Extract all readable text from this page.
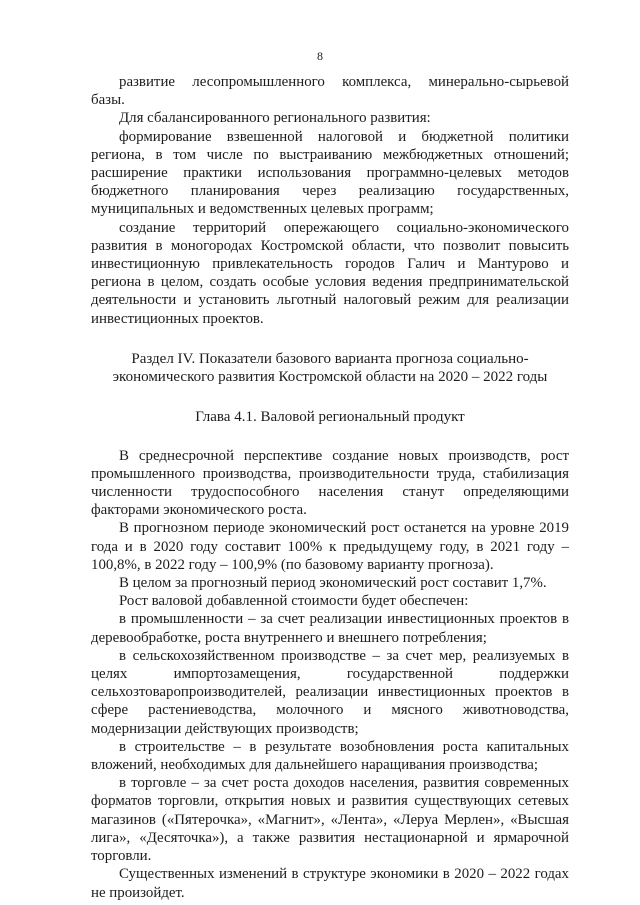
8

развитие лесопромышленного комплекса, минерально-сырьевой

базы.

Для сбалансированного регионального развития:

формирование взвешенной налоговой и бюджетной политики региона, в том числе по выстраиванию межбюджетных отношений; расширение практики использования программно-целевых методов бюджетного планирования через реализацию государственных, муниципальных и ведомственных целевых программ;

создание территорий опережающего социально-экономического развития в моногородах Костромской области, что позволит повысить инвестиционную привлекательность городов Галич и Мантурово и региона в целом, создать особые условия ведения предпринимательской деятельности и установить льготный налоговый режим для реализации инвестиционных проектов.

Раздел IV. Показатели базового варианта прогноза социально-
экономического развития Костромской области на 2020 – 2022 годы
Глава 4.1. Валовой региональный продукт

В среднесрочной перспективе создание новых производств, рост промышленного производства, производительности труда, стабилизация численности трудоспособного населения станут определяющими факторами экономического роста.

В прогнозном периоде экономический рост останется на уровне 2019 года и в 2020 году составит 100% к предыдущему году, в 2021 году – 100,8%, в 2022 году – 100,9% (по базовому варианту прогноза).

В целом за прогнозный период экономический рост составит 1,7%.

Рост валовой добавленной стоимости будет обеспечен:

в промышленности – за счет реализации инвестиционных проектов в деревообработке, роста внутреннего и внешнего потребления;

в сельскохозяйственном производстве – за счет мер, реализуемых в целях импортозамещения, государственной поддержки сельхозтоваропроизводителей, реализации инвестиционных проектов в сфере растениеводства, молочного и мясного животноводства, модернизации действующих производств;

в строительстве – в результате возобновления роста капитальных вложений, необходимых для дальнейшего наращивания производства;

в торговле – за счет роста доходов населения, развития современных форматов торговли, открытия новых и развития существующих сетевых магазинов («Пятерочка», «Магнит», «Лента», «Леруа Мерлен», «Высшая лига», «Десяточка»), а также развития нестационарной и ярмарочной торговли.

Существенных изменений в структуре экономики в 2020 – 2022 годах не произойдет.
